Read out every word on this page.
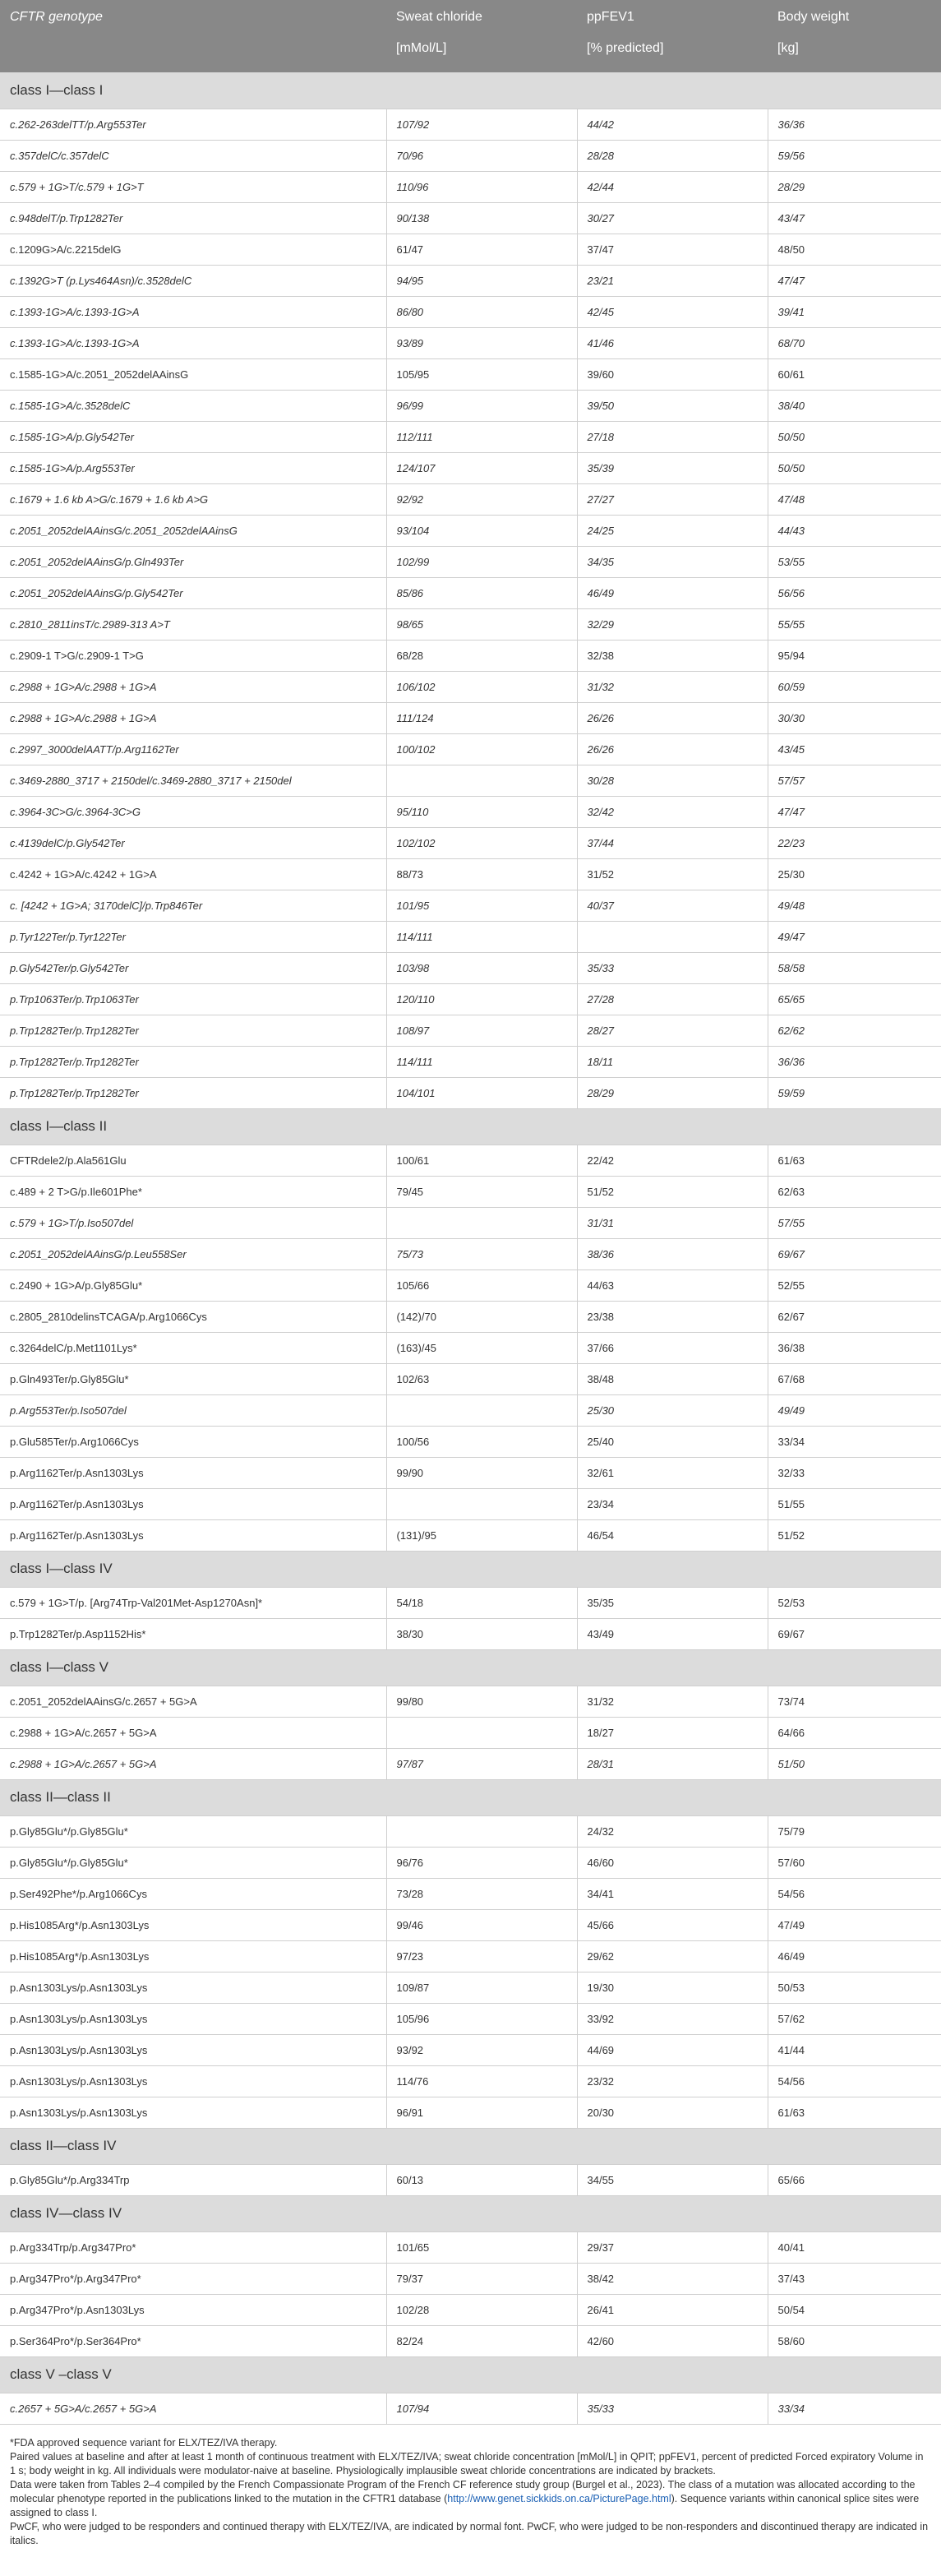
CFTR genotype	Sweat chloride	ppFEV1	Body weight
	[mMol/L]	[% predicted]	[kg]
class I—class I			
c.262-263delTT/p.Arg553Ter	107/92	44/42	36/36
c.357delC/c.357delC	70/96	28/28	59/56
c.579 + 1G>T/c.579 + 1G>T	110/96	42/44	28/29
c.948delT/p.Trp1282Ter	90/138	30/27	43/47
c.1209G>A/c.2215delG	61/47	37/47	48/50
c.1392G>T (p.Lys464Asn)/c.3528delC	94/95	23/21	47/47
c.1393-1G>A/c.1393-1G>A	86/80	42/45	39/41
c.1393-1G>A/c.1393-1G>A	93/89	41/46	68/70
c.1585-1G>A/c.2051_2052delAAinsG	105/95	39/60	60/61
c.1585-1G>A/c.3528delC	96/99	39/50	38/40
c.1585-1G>A/p.Gly542Ter	112/111	27/18	50/50
c.1585-1G>A/p.Arg553Ter	124/107	35/39	50/50
c.1679 + 1.6 kb A>G/c.1679 + 1.6 kb A>G	92/92	27/27	47/48
c.2051_2052delAAinsG/c.2051_2052delAAinsG	93/104	24/25	44/43
c.2051_2052delAAinsG/p.Gln493Ter	102/99	34/35	53/55
c.2051_2052delAAinsG/p.Gly542Ter	85/86	46/49	56/56
c.2810_2811insT/c.2989-313 A>T	98/65	32/29	55/55
c.2909-1 T>G/c.2909-1 T>G	68/28	32/38	95/94
c.2988 + 1G>A/c.2988 + 1G>A	106/102	31/32	60/59
c.2988 + 1G>A/c.2988 + 1G>A	111/124	26/26	30/30
c.2997_3000delAATT/p.Arg1162Ter	100/102	26/26	43/45
c.3469-2880_3717 + 2150del/c.3469-2880_3717 + 2150del		30/28	57/57
c.3964-3C>G/c.3964-3C>G	95/110	32/42	47/47
c.4139delC/p.Gly542Ter	102/102	37/44	22/23
c.4242 + 1G>A/c.4242 + 1G>A	88/73	31/52	25/30
c. [4242 + 1G>A; 3170delC]/p.Trp846Ter	101/95	40/37	49/48
p.Tyr122Ter/p.Tyr122Ter	114/111		49/47
p.Gly542Ter/p.Gly542Ter	103/98	35/33	58/58
p.Trp1063Ter/p.Trp1063Ter	120/110	27/28	65/65
p.Trp1282Ter/p.Trp1282Ter	108/97	28/27	62/62
p.Trp1282Ter/p.Trp1282Ter	114/111	18/11	36/36
p.Trp1282Ter/p.Trp1282Ter	104/101	28/29	59/59
class I—class II			
CFTRdele2/p.Ala561Glu	100/61	22/42	61/63
c.489 + 2 T>G/p.Ile601Phe*	79/45	51/52	62/63
c.579 + 1G>T/p.Iso507del		31/31	57/55
c.2051_2052delAAinsG/p.Leu558Ser	75/73	38/36	69/67
c.2490 + 1G>A/p.Gly85Glu*	105/66	44/63	52/55
c.2805_2810delinsTCAGA/p.Arg1066Cys	(142)/70	23/38	62/67
c.3264delC/p.Met1101Lys*	(163)/45	37/66	36/38
p.Gln493Ter/p.Gly85Glu*	102/63	38/48	67/68
p.Arg553Ter/p.Iso507del		25/30	49/49
p.Glu585Ter/p.Arg1066Cys	100/56	25/40	33/34
p.Arg1162Ter/p.Asn1303Lys	99/90	32/61	32/33
p.Arg1162Ter/p.Asn1303Lys		23/34	51/55
p.Arg1162Ter/p.Asn1303Lys	(131)/95	46/54	51/52
class I—class IV			
c.579 + 1G>T/p. [Arg74Trp-Val201Met-Asp1270Asn]*	54/18	35/35	52/53
p.Trp1282Ter/p.Asp1152His*	38/30	43/49	69/67
class I—class V			
c.2051_2052delAAinsG/c.2657 + 5G>A	99/80	31/32	73/74
c.2988 + 1G>A/c.2657 + 5G>A		18/27	64/66
c.2988 + 1G>A/c.2657 + 5G>A	97/87	28/31	51/50
class II—class II			
p.Gly85Glu*/p.Gly85Glu*		24/32	75/79
p.Gly85Glu*/p.Gly85Glu*	96/76	46/60	57/60
p.Ser492Phe*/p.Arg1066Cys	73/28	34/41	54/56
p.His1085Arg*/p.Asn1303Lys	99/46	45/66	47/49
p.His1085Arg*/p.Asn1303Lys	97/23	29/62	46/49
p.Asn1303Lys/p.Asn1303Lys	109/87	19/30	50/53
p.Asn1303Lys/p.Asn1303Lys	105/96	33/92	57/62
p.Asn1303Lys/p.Asn1303Lys	93/92	44/69	41/44
p.Asn1303Lys/p.Asn1303Lys	114/76	23/32	54/56
p.Asn1303Lys/p.Asn1303Lys	96/91	20/30	61/63
class II—class IV			
p.Gly85Glu*/p.Arg334Trp	60/13	34/55	65/66
class IV—class IV			
p.Arg334Trp/p.Arg347Pro*	101/65	29/37	40/41
p.Arg347Pro*/p.Arg347Pro*	79/37	38/42	37/43
p.Arg347Pro*/p.Asn1303Lys	102/28	26/41	50/54
p.Ser364Pro*/p.Ser364Pro*	82/24	42/60	58/60
class V –class V			
c.2657 + 5G>A/c.2657 + 5G>A	107/94	35/33	33/34

*FDA approved sequence variant for ELX/TEZ/IVA therapy.

Paired values at baseline and after at least 1 month of continuous treatment with ELX/TEZ/IVA; sweat chloride concentration [mMol/L] in QPIT; ppFEV1, percent of predicted Forced expiratory Volume in 1 s; body weight in kg. All individuals were modulator-naive at baseline. Physiologically implausible sweat chloride concentrations are indicated by brackets.

Data were taken from Tables 2–4 compiled by the French Compassionate Program of the French CF reference study group (Burgel et al., 2023). The class of a mutation was allocated according to the molecular phenotype reported in the publications linked to the mutation in the CFTR1 database (http://www.genet.sickkids.on.ca/PicturePage.html). Sequence variants within canonical splice sites were assigned to class I.

PwCF, who were judged to be responders and continued therapy with ELX/TEZ/IVA, are indicated by normal font. PwCF, who were judged to be non-responders and discontinued therapy are indicated in italics.
